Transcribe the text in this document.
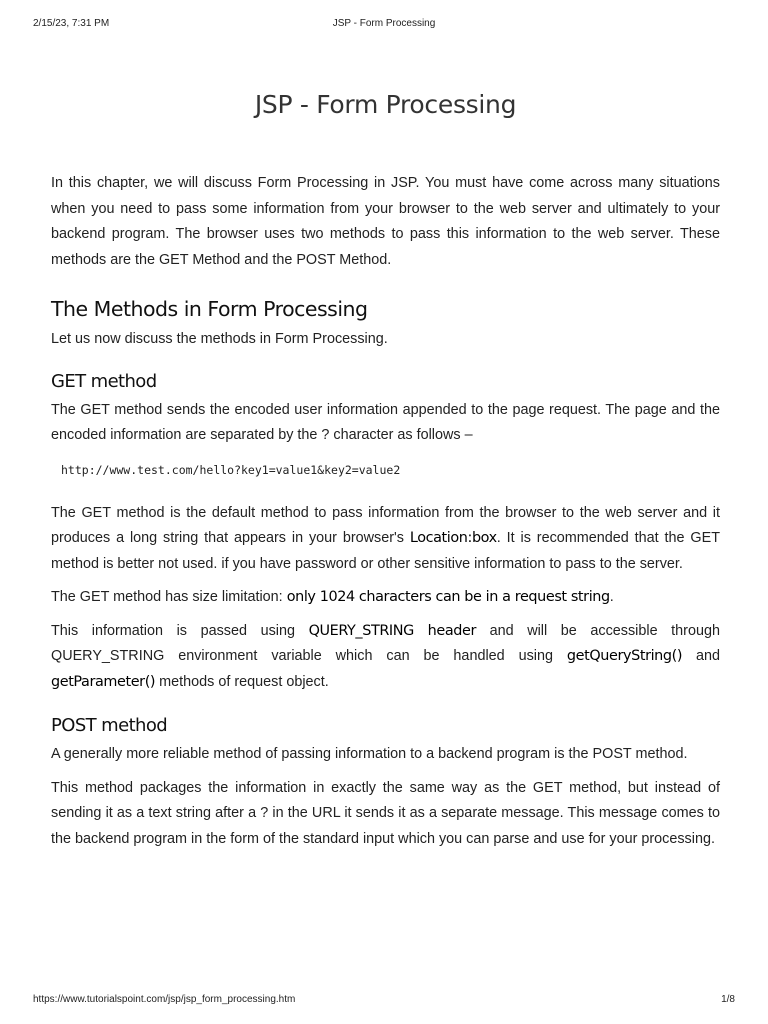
2/15/23, 7:31 PM	JSP - Form Processing
JSP - Form Processing

In this chapter, we will discuss Form Processing in JSP. You must have come across many situations when you need to pass some information from your browser to the web server and ultimately to your backend program. The browser uses two methods to pass this information to the web server. These methods are the GET Method and the POST Method.

The Methods in Form Processing

Let us now discuss the methods in Form Processing.

GET method

The GET method sends the encoded user information appended to the page request. The page and the encoded information are separated by the ? character as follows –

http://www.test.com/hello?key1=value1&key2=value2

The GET method is the default method to pass information from the browser to the web server and it produces a long string that appears in your browser's Location:box. It is recommended that the GET method is better not used. if you have password or other sensitive information to pass to the server.

The GET method has size limitation: only 1024 characters can be in a request string.

This information is passed using QUERY_STRING header and will be accessible through QUERY_STRING environment variable which can be handled using getQueryString() and getParameter() methods of request object.

POST method

A generally more reliable method of passing information to a backend program is the POST method.

This method packages the information in exactly the same way as the GET method, but instead of sending it as a text string after a ? in the URL it sends it as a separate message. This message comes to the backend program in the form of the standard input which you can parse and use for your processing.

https://www.tutorialspoint.com/jsp/jsp_form_processing.htm	1/8
